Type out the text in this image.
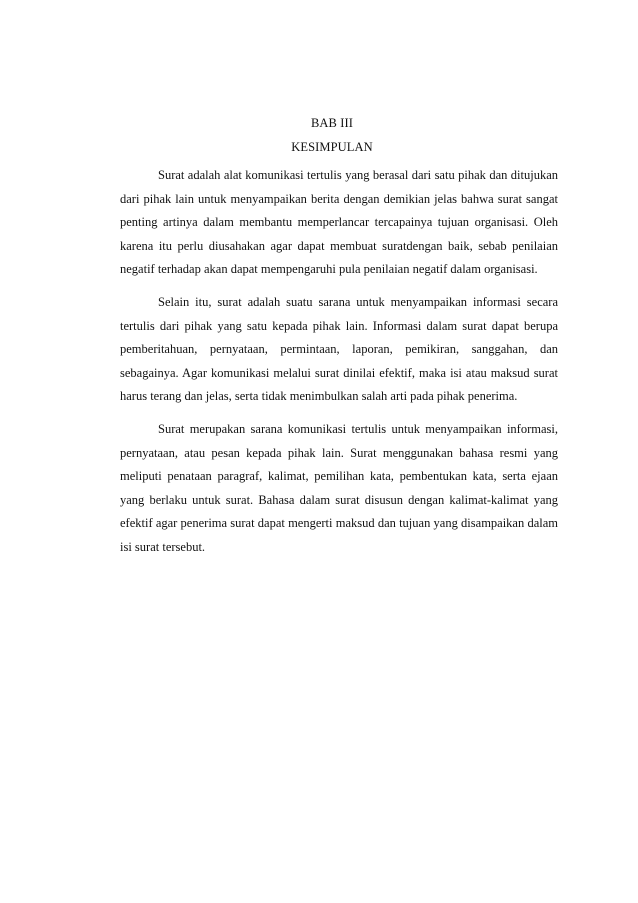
BAB III
KESIMPULAN

Surat adalah alat komunikasi tertulis yang berasal dari satu pihak dan ditujukan dari pihak lain untuk menyampaikan berita dengan demikian jelas bahwa surat sangat penting artinya dalam membantu memperlancar tercapainya tujuan organisasi. Oleh karena itu perlu diusahakan agar dapat membuat suratdengan baik, sebab penilaian negatif terhadap akan dapat mempengaruhi pula penilaian negatif dalam organisasi.

Selain itu, surat adalah suatu sarana untuk menyampaikan informasi secara tertulis dari pihak yang satu kepada pihak lain. Informasi dalam surat dapat berupa pemberitahuan, pernyataan, permintaan, laporan, pemikiran, sanggahan, dan sebagainya. Agar komunikasi melalui surat dinilai efektif, maka isi atau maksud surat harus terang dan jelas, serta tidak menimbulkan salah arti pada pihak penerima.

Surat merupakan sarana komunikasi tertulis untuk menyampaikan informasi, pernyataan, atau pesan kepada pihak lain. Surat menggunakan bahasa resmi yang meliputi penataan paragraf, kalimat, pemilihan kata, pembentukan kata, serta ejaan yang berlaku untuk surat. Bahasa dalam surat disusun dengan kalimat-kalimat yang efektif agar penerima surat dapat mengerti maksud dan tujuan yang disampaikan dalam isi surat tersebut.
